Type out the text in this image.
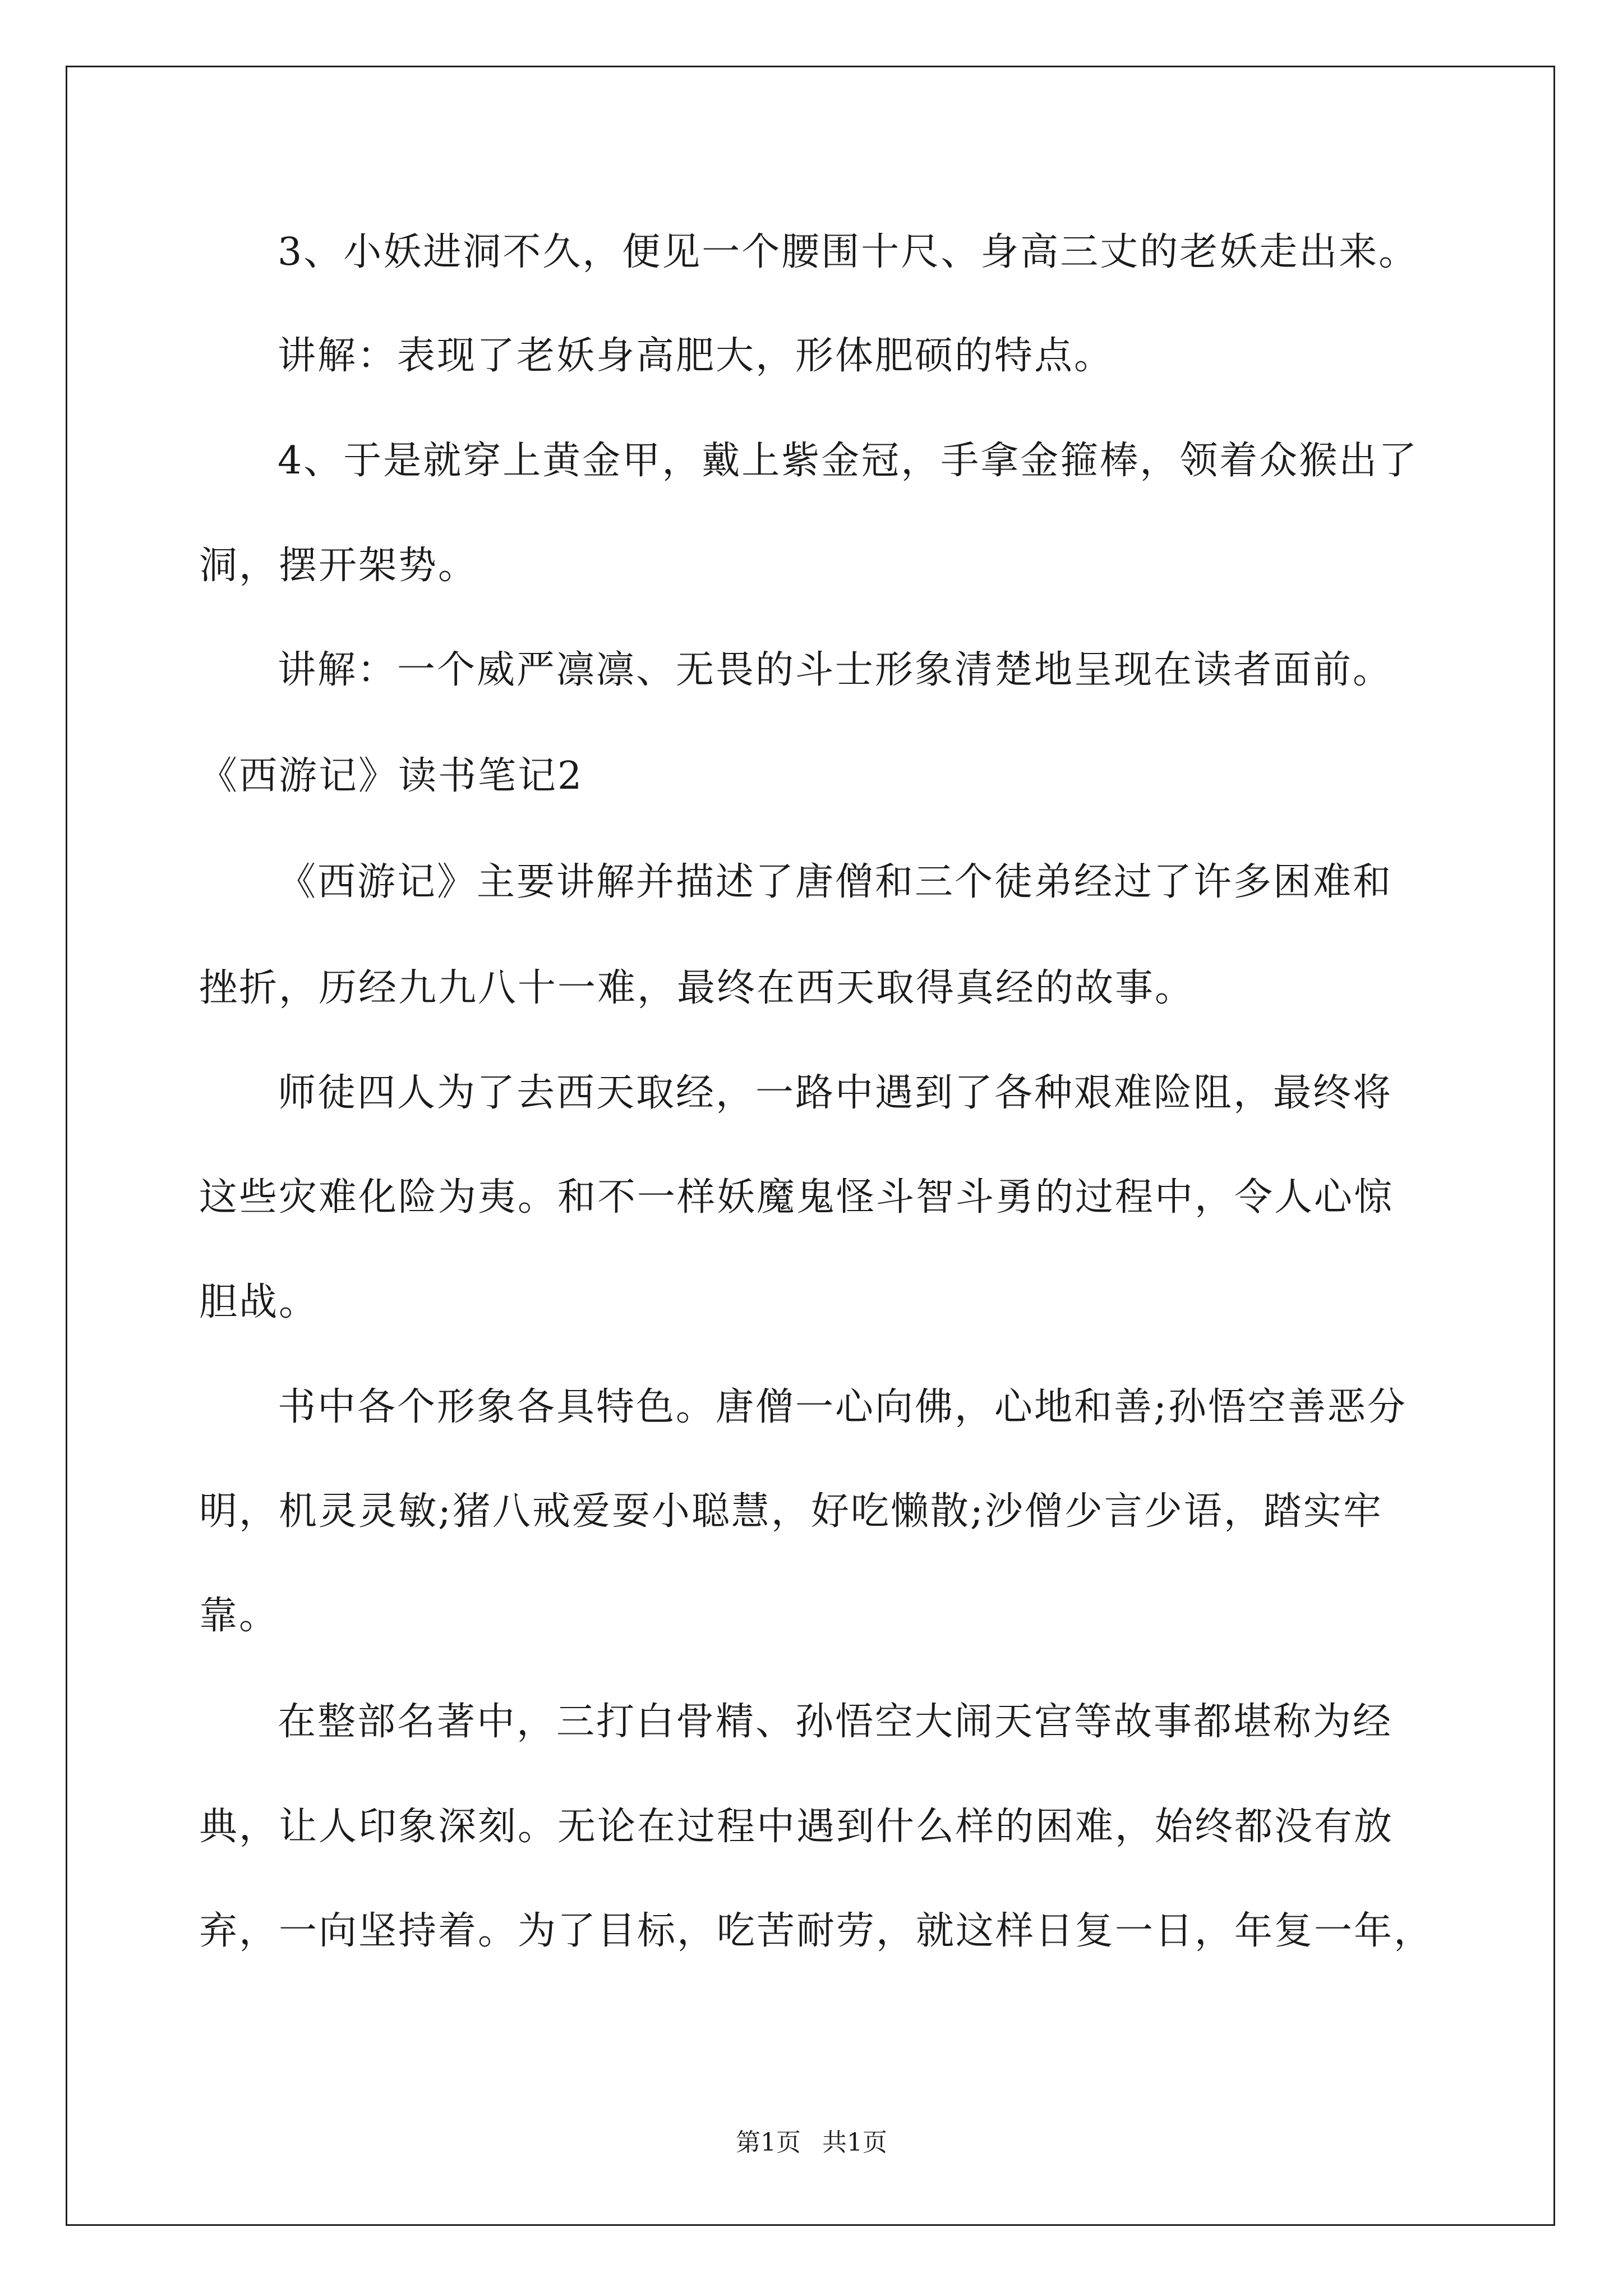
3、小妖进洞不久，便见一个腰围十尺、身高三丈的老妖走出来。
讲解：表现了老妖身高肥大，形体肥硕的特点。
4、于是就穿上黄金甲，戴上紫金冠，手拿金箍棒，领着众猴出了
洞，摆开架势。
讲解：一个威严凛凛、无畏的斗士形象清楚地呈现在读者面前。
《西游记》读书笔记2
《西游记》主要讲解并描述了唐僧和三个徒弟经过了许多困难和
挫折，历经九九八十一难，最终在西天取得真经的故事。
师徒四人为了去西天取经，一路中遇到了各种艰难险阻，最终将
这些灾难化险为夷。和不一样妖魔鬼怪斗智斗勇的过程中，令人心惊
胆战。
书中各个形象各具特色。唐僧一心向佛，心地和善;孙悟空善恶分
明，机灵灵敏;猪八戒爱耍小聪慧，好吃懒散;沙僧少言少语，踏实牢
靠。
在整部名著中，三打白骨精、孙悟空大闹天宫等故事都堪称为经
典，让人印象深刻。无论在过程中遇到什么样的困难，始终都没有放
弃，一向坚持着。为了目标，吃苦耐劳，就这样日复一日，年复一年，
第1页 共1页
